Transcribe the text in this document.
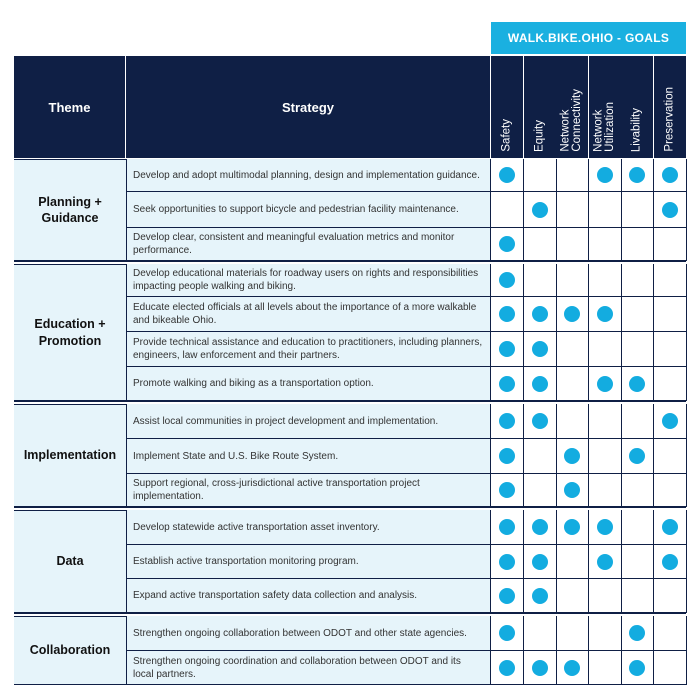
WALK.BIKE.OHIO - GOALS
Theme	Strategy
Safety Equity Network
Connectivity Network
Utilization Livability Preservation
Develop and adopt multimodal planning, design and implementation guidance.
Seek opportunities to support bicycle and pedestrian facility maintenance.
Develop clear, consistent and meaningful evaluation metrics and monitor performance.
Planning +
Guidance
Develop educational materials for roadway users on rights and responsibilities impacting people walking and biking.
Educate elected officials at all levels about the importance of a more walkable and bikeable Ohio.
Provide technical assistance and education to practitioners, including planners, engineers, law enforcement and their partners.
Promote walking and biking as a transportation option.
Education +
Promotion
Assist local communities in project development and implementation.
Implement State and U.S. Bike Route System.
Support regional, cross-jurisdictional active transportation project implementation.
Implementation
Develop statewide active transportation asset inventory.
Establish active transportation monitoring program.
Expand active transportation safety data collection and analysis.
Data
Strengthen ongoing collaboration between ODOT and other state agencies.
Strengthen ongoing coordination and collaboration between ODOT and its local partners.
Collaboration
